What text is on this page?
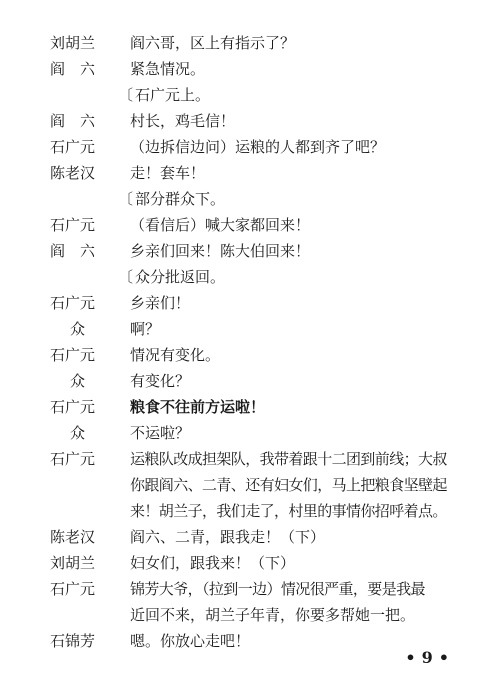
刘胡兰	阎六哥，区上有指示了？
阎　六	紧急情况。
〔 石广元上。
阎　六	村长，鸡毛信！
石广元	（边拆信边问）运粮的人都到齐了吧？
陈老汉	走！套车！
〔 部分群众下。
石广元	（看信后）喊大家都回来！
阎　六	乡亲们回来！陈大伯回来！
〔 众分批返回。
石广元	乡亲们！
众	啊？
石广元	情况有变化。
众	有变化？
石广元	粮食不往前方运啦！
众	不运啦？
石广元	运粮队改成担架队，我带着跟十二团到前线；大叔
你跟阎六、二青、还有妇女们，马上把粮食坚壁起
来！胡兰子，我们走了，村里的事情你招呼着点。
陈老汉	阎六、二青，跟我走！（下）
刘胡兰	妇女们，跟我来！（下）
石广元	锦芳大爷，（拉到一边）情况很严重，要是我最
近回不来，胡兰子年青，你要多帮她一把。
石锦芳	嗯。你放心走吧！
• 9 •
